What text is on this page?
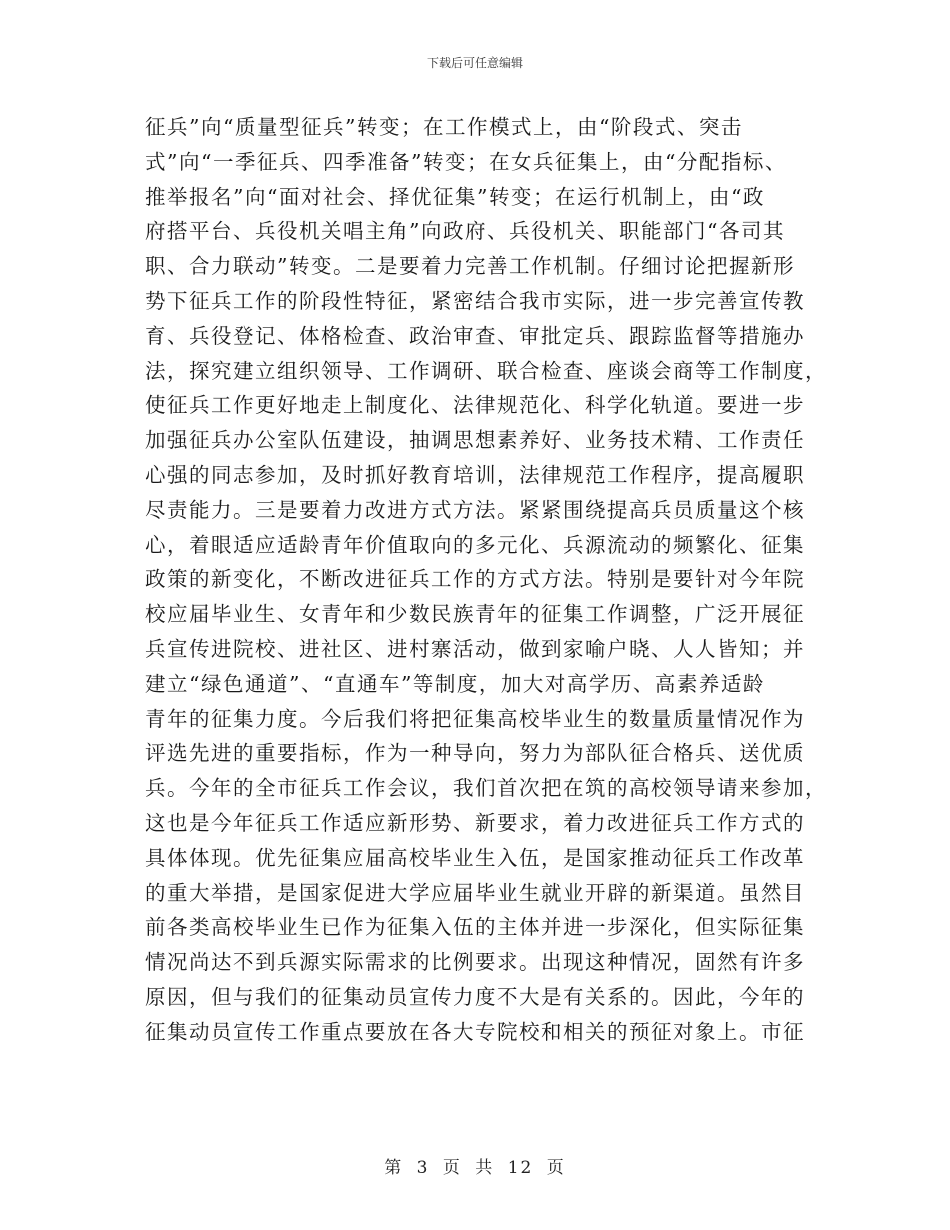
下载后可任意编辑
征兵”向“质量型征兵”转变；在工作模式上，由“阶段式、突击
式”向“一季征兵、四季准备”转变；在女兵征集上，由“分配指标、
推举报名”向“面对社会、择优征集”转变；在运行机制上，由“政
府搭平台、兵役机关唱主角”向政府、兵役机关、职能部门“各司其
职、合力联动”转变。二是要着力完善工作机制。仔细讨论把握新形
势下征兵工作的阶段性特征，紧密结合我市实际，进一步完善宣传教
育、兵役登记、体格检查、政治审查、审批定兵、跟踪监督等措施办
法，探究建立组织领导、工作调研、联合检查、座谈会商等工作制度，
使征兵工作更好地走上制度化、法律规范化、科学化轨道。要进一步
加强征兵办公室队伍建设，抽调思想素养好、业务技术精、工作责任
心强的同志参加，及时抓好教育培训，法律规范工作程序，提高履职
尽责能力。三是要着力改进方式方法。紧紧围绕提高兵员质量这个核
心，着眼适应适龄青年价值取向的多元化、兵源流动的频繁化、征集
政策的新变化，不断改进征兵工作的方式方法。特别是要针对今年院
校应届毕业生、女青年和少数民族青年的征集工作调整，广泛开展征
兵宣传进院校、进社区、进村寨活动，做到家喻户晓、人人皆知；并
建立“绿色通道”、“直通车”等制度，加大对高学历、高素养适龄
青年的征集力度。今后我们将把征集高校毕业生的数量质量情况作为
评选先进的重要指标，作为一种导向，努力为部队征合格兵、送优质
兵。今年的全市征兵工作会议，我们首次把在筑的高校领导请来参加，
这也是今年征兵工作适应新形势、新要求，着力改进征兵工作方式的
具体体现。优先征集应届高校毕业生入伍，是国家推动征兵工作改革
的重大举措，是国家促进大学应届毕业生就业开辟的新渠道。虽然目
前各类高校毕业生已作为征集入伍的主体并进一步深化，但实际征集
情况尚达不到兵源实际需求的比例要求。出现这种情况，固然有许多
原因，但与我们的征集动员宣传力度不大是有关系的。因此，今年的
征集动员宣传工作重点要放在各大专院校和相关的预征对象上。市征
第 3 页 共 12 页
